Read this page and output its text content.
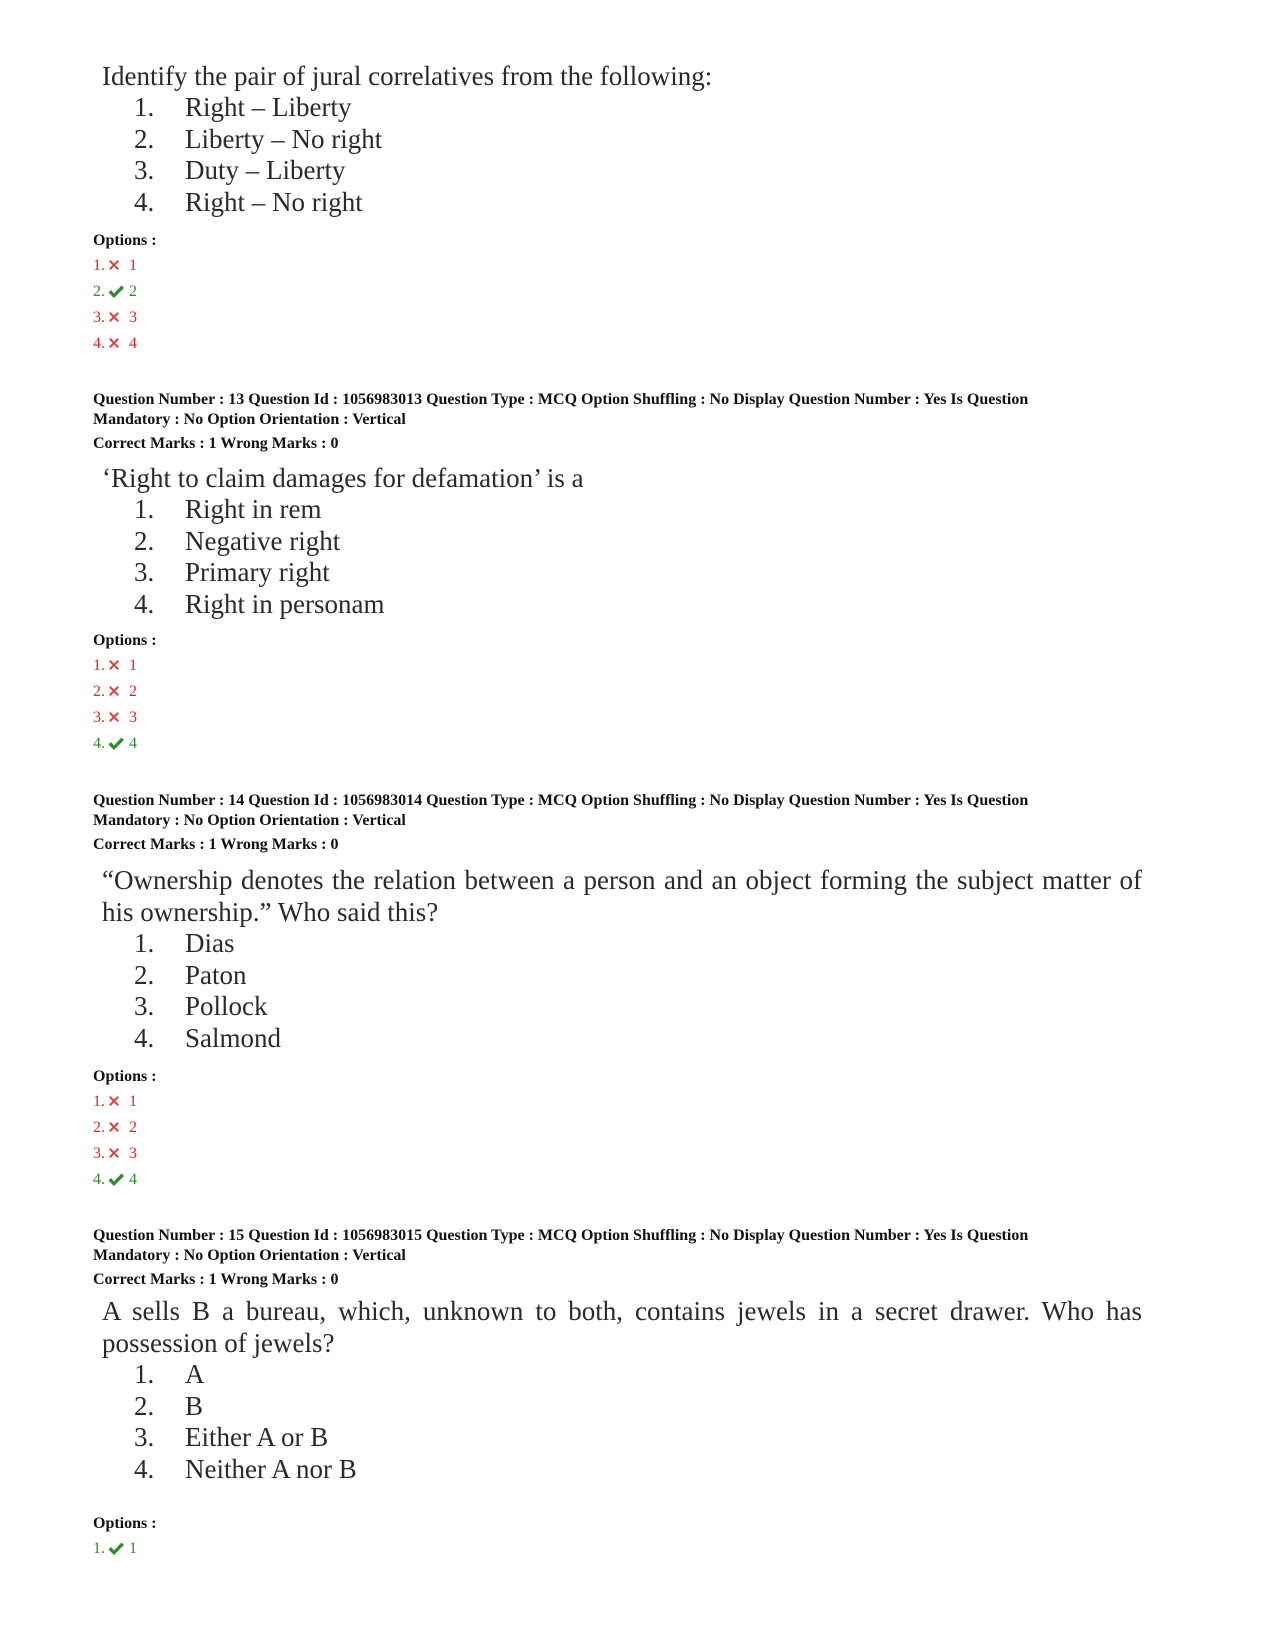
Identify the pair of jural correlatives from the following:
1.	Right – Liberty
2.	Liberty – No right
3.	Duty – Liberty
4.	Right – No right
Options :
1. 1
2. 2
3. 3
4. 4
Question Number : 13 Question Id : 1056983013 Question Type : MCQ Option Shuffling : No Display Question Number : Yes Is Question
Mandatory : No Option Orientation : Vertical
Correct Marks : 1 Wrong Marks : 0
‘Right to claim damages for defamation’ is a
1.	Right in rem
2.	Negative right
3.	Primary right
4.	Right in personam
Options :
1. 1
2. 2
3. 3
4. 4
Question Number : 14 Question Id : 1056983014 Question Type : MCQ Option Shuffling : No Display Question Number : Yes Is Question
Mandatory : No Option Orientation : Vertical
Correct Marks : 1 Wrong Marks : 0
“Ownership denotes the relation between a person and an object forming the subject matter of his ownership.” Who said this?
1.	Dias
2.	Paton
3.	Pollock
4.	Salmond
Options :
1. 1
2. 2
3. 3
4. 4
Question Number : 15 Question Id : 1056983015 Question Type : MCQ Option Shuffling : No Display Question Number : Yes Is Question
Mandatory : No Option Orientation : Vertical
Correct Marks : 1 Wrong Marks : 0
A sells B a bureau, which, unknown to both, contains jewels in a secret drawer. Who has possession of jewels?
1.	A
2.	B
3.	Either A or B
4.	Neither A nor B
Options :
1. 1
